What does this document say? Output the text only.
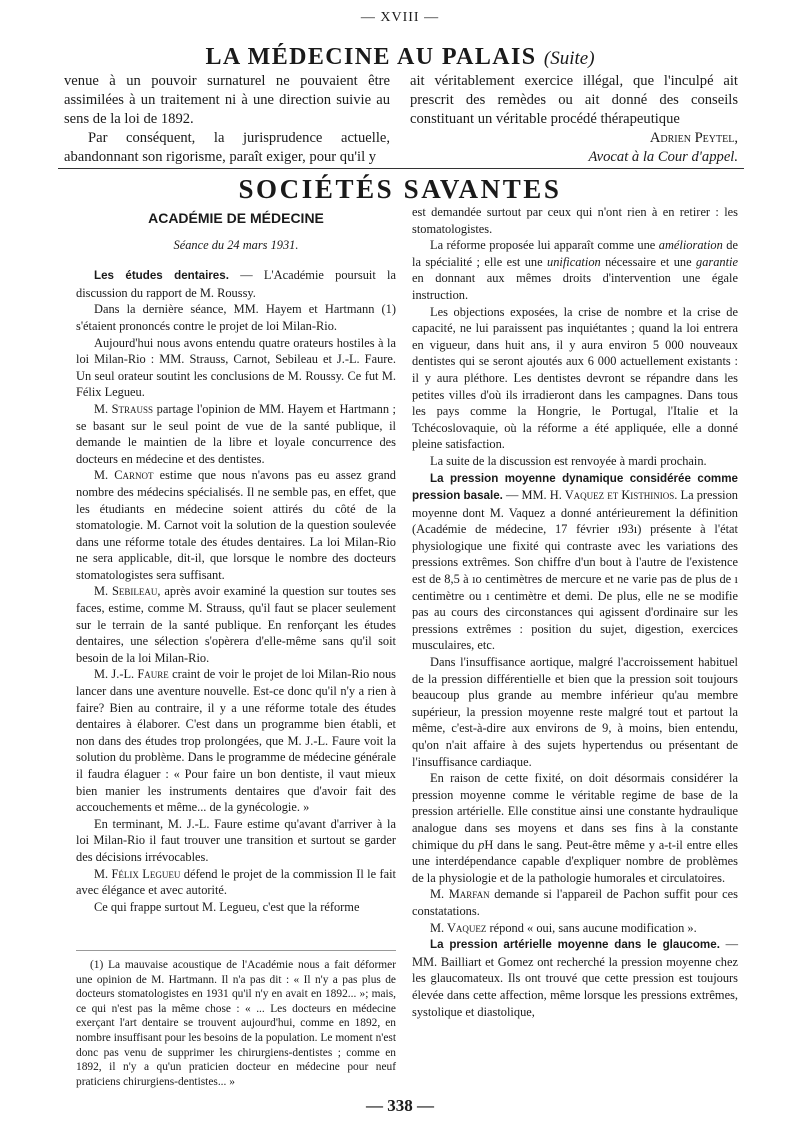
— XVIII —
LA MÉDECINE AU PALAIS (Suite)

venue à un pouvoir surnaturel ne pouvaient être assimilées à un traitement ni à une direction suivie au sens de la loi de 1892.

Par conséquent, la jurisprudence actuelle, abandonnant son rigorisme, paraît exiger, pour qu'il y

ait véritablement exercice illégal, que l'inculpé ait prescrit des remèdes ou ait donné des conseils constituant un véritable procédé thérapeutique

Adrien Peytel,

Avocat à la Cour d'appel.

SOCIÉTÉS SAVANTES

ACADÉMIE DE MÉDECINE

Séance du 24 mars 1931.

Les études dentaires. — L'Académie poursuit la discussion du rapport de M. Roussy.

Dans la dernière séance, MM. Hayem et Hartmann (1) s'étaient prononcés contre le projet de loi Milan-Rio.

Aujourd'hui nous avons entendu quatre orateurs hostiles à la loi Milan-Rio : MM. Strauss, Carnot, Sebileau et J.-L. Faure. Un seul orateur soutint les conclusions de M. Roussy. Ce fut M. Félix Legueu.

M. Strauss partage l'opinion de MM. Hayem et Hartmann ; se basant sur le seul point de vue de la santé publique, il demande le maintien de la libre et loyale concurrence des docteurs en médecine et des dentistes.

M. Carnot estime que nous n'avons pas eu assez grand nombre des médecins spécialisés. Il ne semble pas, en effet, que les étudiants en médecine soient attirés du côté de la stomatologie. M. Carnot voit la solution de la question soulevée dans une réforme totale des études dentaires. La loi Milan-Rio ne sera applicable, dit-il, que lorsque le nombre des docteurs stomatologistes sera suffisant.

M. Sebileau, après avoir examiné la question sur toutes ses faces, estime, comme M. Strauss, qu'il faut se placer seulement sur le terrain de la santé publique. En renforçant les études dentaires, une sélection s'opèrera d'elle-même sans qu'il soit besoin de la loi Milan-Rio.

M. J.-L. Faure craint de voir le projet de loi Milan-Rio nous lancer dans une aventure nouvelle. Est-ce donc qu'il n'y a rien à faire? Bien au contraire, il y a une réforme totale des études dentaires à élaborer. C'est dans un programme bien établi, et non dans des études trop prolongées, que M. J.-L. Faure voit la solution du problème. Dans le programme de médecine générale il faudra élaguer : « Pour faire un bon dentiste, il vaut mieux bien manier les instruments dentaires que d'avoir fait des accouchements et même... de la gynécologie. »

En terminant, M. J.-L. Faure estime qu'avant d'arriver à la loi Milan-Rio il faut trouver une transition et surtout se garder des décisions irrévocables.

M. Félix Legueu défend le projet de la commission Il le fait avec élégance et avec autorité.

Ce qui frappe surtout M. Legueu, c'est que la réforme

(1) La mauvaise acoustique de l'Académie nous a fait déformer une opinion de M. Hartmann. Il n'a pas dit : « Il n'y a pas plus de docteurs stomatologistes en 1931 qu'il n'y en avait en 1892... »; mais, ce qui n'est pas la même chose : « ... Les docteurs en médecine exerçant l'art dentaire se trouvent aujourd'hui, comme en 1892, en nombre insuffisant pour les besoins de la population. Le moment n'est donc pas venu de supprimer les chirurgiens-dentistes ; comme en 1892, il n'y a qu'un praticien docteur en médecine pour neuf praticiens chirurgiens-dentistes... »

est demandée surtout par ceux qui n'ont rien à en retirer : les stomatologistes.

La réforme proposée lui apparaît comme une amélioration de la spécialité ; elle est une unification nécessaire et une garantie en donnant aux mêmes droits d'intervention une égale instruction.

Les objections exposées, la crise de nombre et la crise de capacité, ne lui paraissent pas inquiétantes ; quand la loi entrera en vigueur, dans huit ans, il y aura environ 5 000 nouveaux dentistes qui se seront ajoutés aux 6 000 actuellement existants : il y aura pléthore. Les dentistes devront se répandre dans les petites villes d'où ils irradieront dans les campagnes. Dans tous les pays comme la Hongrie, le Portugal, l'Italie et la Tchécoslovaquie, où la réforme a été appliquée, elle a donné pleine satisfaction.

La suite de la discussion est renvoyée à mardi prochain.

La pression moyenne dynamique considérée comme pression basale. — MM. H. Vaquez et Kisthinios. La pression moyenne dont M. Vaquez a donné antérieurement la définition (Académie de médecine, 17 février ı93ı) présente à l'état physiologique une fixité qui contraste avec les variations des pressions extrêmes. Son chiffre d'un bout à l'autre de l'existence est de 8,5 à ıo centimètres de mercure et ne varie pas de plus de ı centimètre ou ı centimètre et demi. De plus, elle ne se modifie pas au cours des circonstances qui agissent d'ordinaire sur les pressions extrêmes : position du sujet, digestion, exercices musculaires, etc.

Dans l'insuffisance aortique, malgré l'accroissement habituel de la pression différentielle et bien que la pression soit toujours beaucoup plus grande au membre inférieur qu'au membre supérieur, la pression moyenne reste malgré tout et partout la même, c'est-à-dire aux environs de 9, à moins, bien entendu, qu'on n'ait affaire à des sujets hypertendus ou présentant de l'insuffisance cardiaque.

En raison de cette fixité, on doit désormais considérer la pression moyenne comme le véritable regime de base de la pression artérielle. Elle constitue ainsi une constante hydraulique analogue dans ses moyens et dans ses fins à la constante chimique du pH dans le sang. Peut-être même y a-t-il entre elles une interdépendance capable d'expliquer nombre de problèmes de la physiologie et de la pathologie humorales et circulatoires.

M. Marfan demande si l'appareil de Pachon suffit pour ces constatations.

M. Vaquez répond « oui, sans aucune modification ».

La pression artérielle moyenne dans le glaucome. — MM. Bailliart et Gomez ont recherché la pression moyenne chez les glaucomateux. Ils ont trouvé que cette pression est toujours élevée dans cette affection, même lorsque les pressions extrêmes, systolique et diastolique,

— 338 —
